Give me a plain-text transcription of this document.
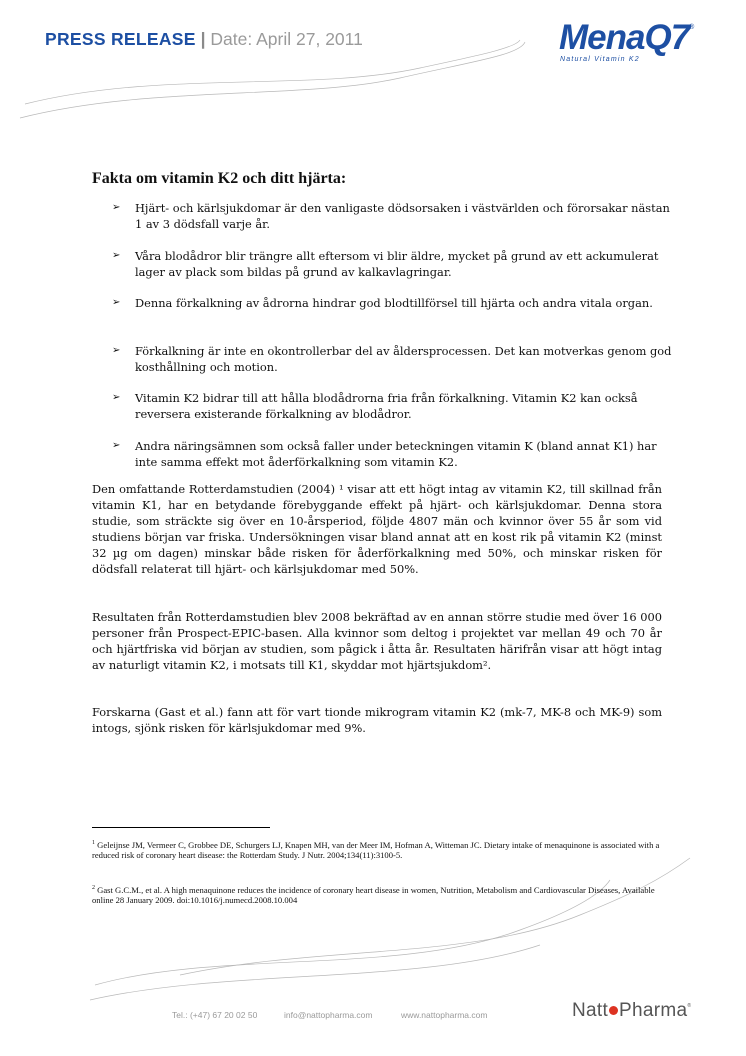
PRESS RELEASE | Date: April 27, 2011	MenaQ7®
Natural Vitamin K2
Fakta om vitamin K2 och ditt hjärta:
➢ Hjärt- och kärlsjukdomar är den vanligaste dödsorsaken i västvärlden och förorsakar nästan 1 av 3 dödsfall varje år.
➢ Våra blodådror blir trängre allt eftersom vi blir äldre, mycket på grund av ett ackumulerat lager av plack som bildas på grund av kalkavlagringar.
➢ Denna förkalkning av ådrorna hindrar god blodtillförsel till hjärta och andra vitala organ.
➢ Förkalkning är inte en okontrollerbar del av åldersprocessen. Det kan motverkas genom god kosthållning och motion.
➢ Vitamin K2 bidrar till att hålla blodådrorna fria från förkalkning. Vitamin K2 kan också reversera existerande förkalkning av blodådror.
➢ Andra näringsämnen som också faller under beteckningen vitamin K (bland annat K1) har inte samma effekt mot åderförkalkning som vitamin K2.

Den omfattande Rotterdamstudien (2004) ¹ visar att ett högt intag av vitamin K2, till skillnad från vitamin K1, har en betydande förebyggande effekt på hjärt- och kärlsjukdomar. Denna stora studie, som sträckte sig över en 10-årsperiod, följde 4807 män och kvinnor över 55 år som vid studiens början var friska. Undersökningen visar bland annat att en kost rik på vitamin K2 (minst 32 µg om dagen) minskar både risken för åderförkalkning med 50%, och minskar risken för dödsfall relaterat till hjärt- och kärlsjukdomar med 50%.

Resultaten från Rotterdamstudien blev 2008 bekräftad av en annan större studie med över 16 000 personer från Prospect-EPIC-basen. Alla kvinnor som deltog i projektet var mellan 49 och 70 år och hjärtfriska vid början av studien, som pågick i åtta år. Resultaten härifrån visar att högt intag av naturligt vitamin K2, i motsats till K1, skyddar mot hjärtsjukdom².

Forskarna (Gast et al.) fann att för vart tionde mikrogram vitamin K2 (mk-7, MK-8 och MK-9) som intogs, sjönk risken för kärlsjukdomar med 9%.

$^1$ Geleijnse JM, Vermeer C, Grobbee DE, Schurgers LJ, Knapen MH, van der Meer IM, Hofman A, Witteman JC. Dietary intake of menaquinone is associated with a reduced risk of coronary heart disease: the Rotterdam Study. J Nutr. 2004;134(11):3100-5.
$^2$ Gast G.C.M., et al. A high menaquinone reduces the incidence of coronary heart disease in women, Nutrition, Metabolism and Cardiovascular Diseases, Available online 28 January 2009. doi:10.1016/j.numecd.2008.10.004
Tel.: (+47) 67 20 02 50	info@nattopharma.com	www.nattopharma.com	Natt Pharma®
